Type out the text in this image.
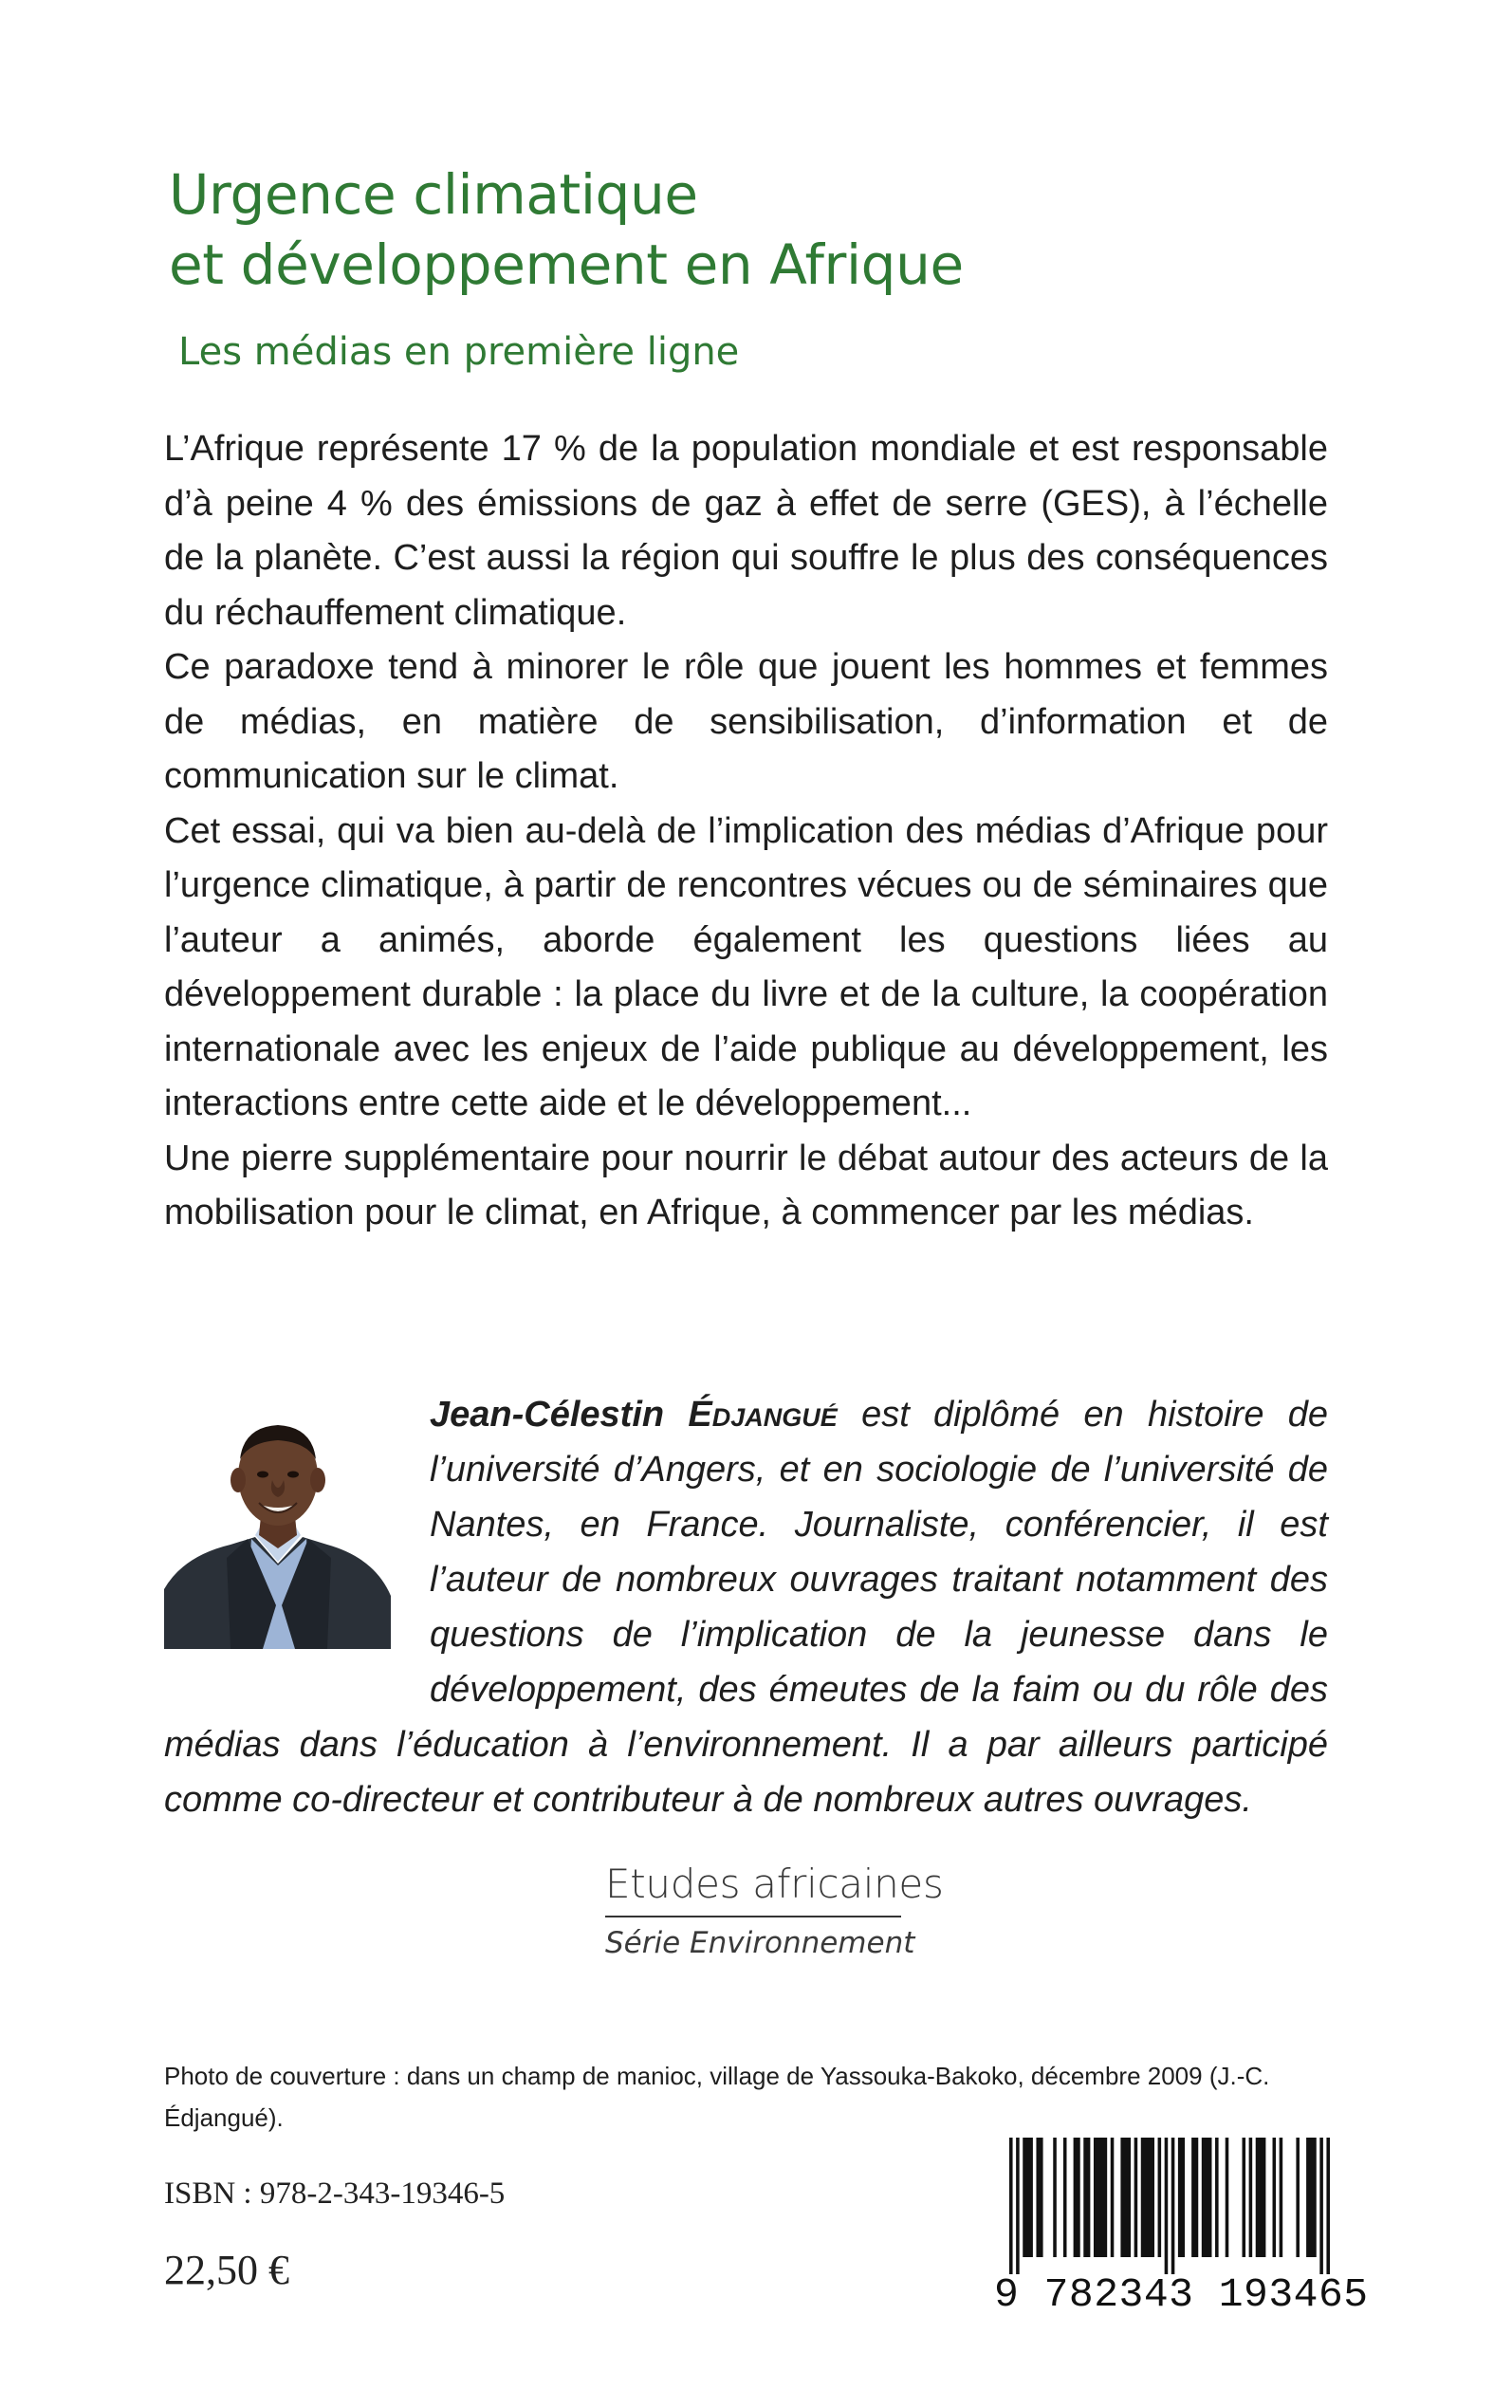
Urgence climatique
et développement en Afrique
Les médias en première ligne

L’Afrique représente 17 % de la population mondiale et est responsable d’à peine 4 % des émissions de gaz à effet de serre (GES), à l’échelle de la planète. C’est aussi la région qui souffre le plus des conséquences du réchauffement climatique.

Ce paradoxe tend à minorer le rôle que jouent les hommes et femmes de médias, en matière de sensibilisation, d’information et de communication sur le climat.

Cet essai, qui va bien au-delà de l’implication des médias d’Afrique pour l’urgence climatique, à partir de rencontres vécues ou de séminaires que l’auteur a animés, aborde également les questions liées au développement durable : la place du livre et de la culture, la coopération internationale avec les enjeux de l’aide publique au développement, les interactions entre cette aide et le développement...

Une pierre supplémentaire pour nourrir le débat autour des acteurs de la mobilisation pour le climat, en Afrique, à commencer par les médias.

Jean-Célestin Édjangué est diplômé en histoire de l’université d’Angers, et en sociologie de l’université de Nantes, en France. Journaliste, conférencier, il est l’auteur de nombreux ouvrages traitant notamment des questions de l’implication de la jeunesse dans le développement, des émeutes de la faim ou du rôle des médias dans l’éducation à l’environnement. Il a par ailleurs participé comme co-directeur et contributeur à de nombreux autres ouvrages.
Etudes africaines
Série Environnement
Photo de couverture : dans un champ de manioc, village de Yassouka-Bakoko, décembre 2009 (J.-C. Édjangué).
ISBN : 978-2-343-19346-5
22,50 €
9 782343 193465
